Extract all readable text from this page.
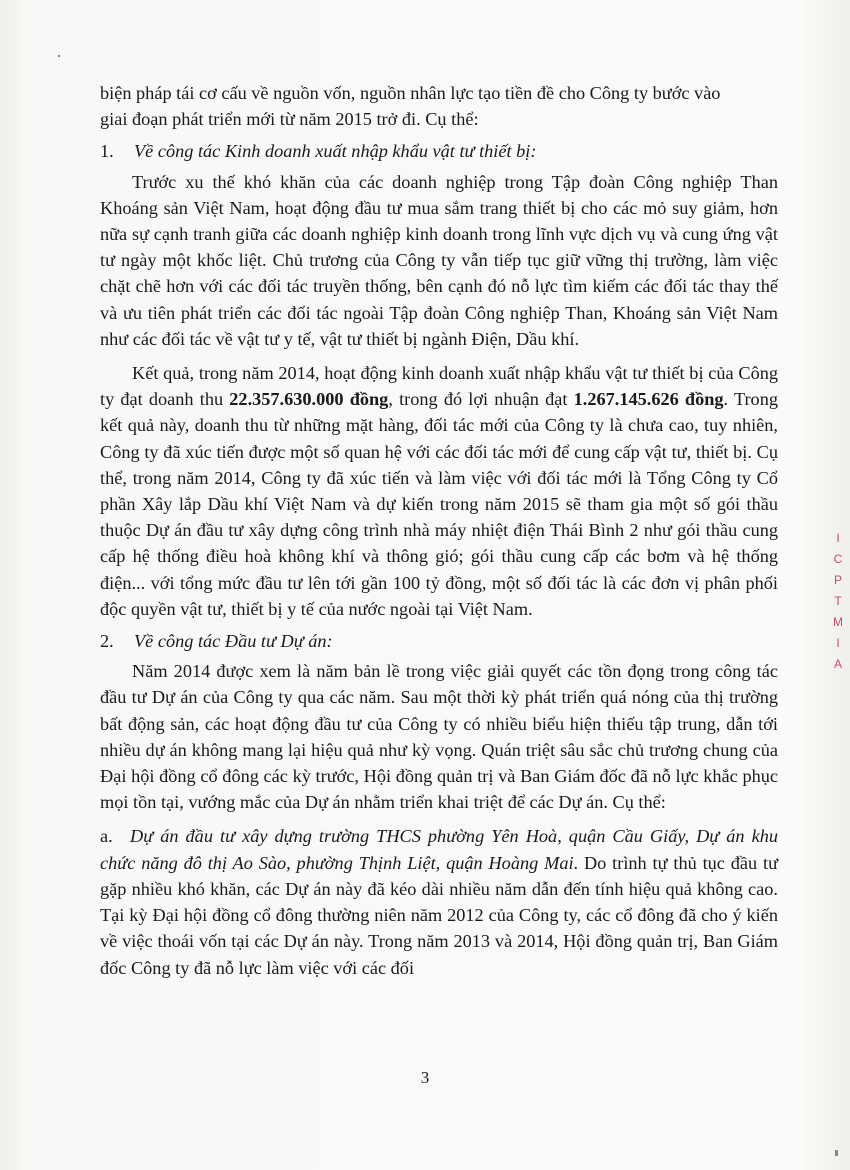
biện pháp tái cơ cấu về nguồn vốn, nguồn nhân lực tạo tiền đề cho Công ty bước vào
giai đoạn phát triển mới từ năm 2015 trở đi. Cụ thể:

1.	Về công tác Kinh doanh xuất nhập khẩu vật tư thiết bị:

Trước xu thế khó khăn của các doanh nghiệp trong Tập đoàn Công nghiệp Than Khoáng sản Việt Nam, hoạt động đầu tư mua sắm trang thiết bị cho các mỏ suy giảm, hơn nữa sự cạnh tranh giữa các doanh nghiệp kinh doanh trong lĩnh vực dịch vụ và cung ứng vật tư ngày một khốc liệt. Chủ trương của Công ty vẫn tiếp tục giữ vững thị trường, làm việc chặt chẽ hơn với các đối tác truyền thống, bên cạnh đó nỗ lực tìm kiếm các đối tác thay thế và ưu tiên phát triển các đối tác ngoài Tập đoàn Công nghiệp Than, Khoáng sản Việt Nam như các đối tác về vật tư y tế, vật tư thiết bị ngành Điện, Dầu khí.

Kết quả, trong năm 2014, hoạt động kinh doanh xuất nhập khẩu vật tư thiết bị của Công ty đạt doanh thu 22.357.630.000 đồng, trong đó lợi nhuận đạt 1.267.145.626 đồng. Trong kết quả này, doanh thu từ những mặt hàng, đối tác mới của Công ty là chưa cao, tuy nhiên, Công ty đã xúc tiến được một số quan hệ với các đối tác mới để cung cấp vật tư, thiết bị. Cụ thể, trong năm 2014, Công ty đã xúc tiến và làm việc với đối tác mới là Tổng Công ty Cổ phần Xây lắp Dầu khí Việt Nam và dự kiến trong năm 2015 sẽ tham gia một số gói thầu thuộc Dự án đầu tư xây dựng công trình nhà máy nhiệt điện Thái Bình 2 như gói thầu cung cấp hệ thống điều hoà không khí và thông gió; gói thầu cung cấp các bơm và hệ thống điện... với tổng mức đầu tư lên tới gần 100 tỷ đồng, một số đối tác là các đơn vị phân phối độc quyền vật tư, thiết bị y tế của nước ngoài tại Việt Nam.

2.	Về công tác Đầu tư Dự án:

Năm 2014 được xem là năm bản lề trong việc giải quyết các tồn đọng trong công tác đầu tư Dự án của Công ty qua các năm. Sau một thời kỳ phát triển quá nóng của thị trường bất động sản, các hoạt động đầu tư của Công ty có nhiều biểu hiện thiếu tập trung, dẫn tới nhiều dự án không mang lại hiệu quả như kỳ vọng. Quán triệt sâu sắc chủ trương chung của Đại hội đồng cổ đông các kỳ trước, Hội đồng quản trị và Ban Giám đốc đã nỗ lực khắc phục mọi tồn tại, vướng mắc của Dự án nhằm triển khai triệt để các Dự án. Cụ thể:

a. Dự án đầu tư xây dựng trường THCS phường Yên Hoà, quận Cầu Giấy, Dự án khu chức năng đô thị Ao Sào, phường Thịnh Liệt, quận Hoàng Mai. Do trình tự thủ tục đầu tư gặp nhiều khó khăn, các Dự án này đã kéo dài nhiều năm dẫn đến tính hiệu quả không cao. Tại kỳ Đại hội đồng cổ đông thường niên năm 2012 của Công ty, các cổ đông đã cho ý kiến về việc thoái vốn tại các Dự án này. Trong năm 2013 và 2014, Hội đồng quản trị, Ban Giám đốc Công ty đã nỗ lực làm việc với các đối

3
I
C
P
T
M
I
A
